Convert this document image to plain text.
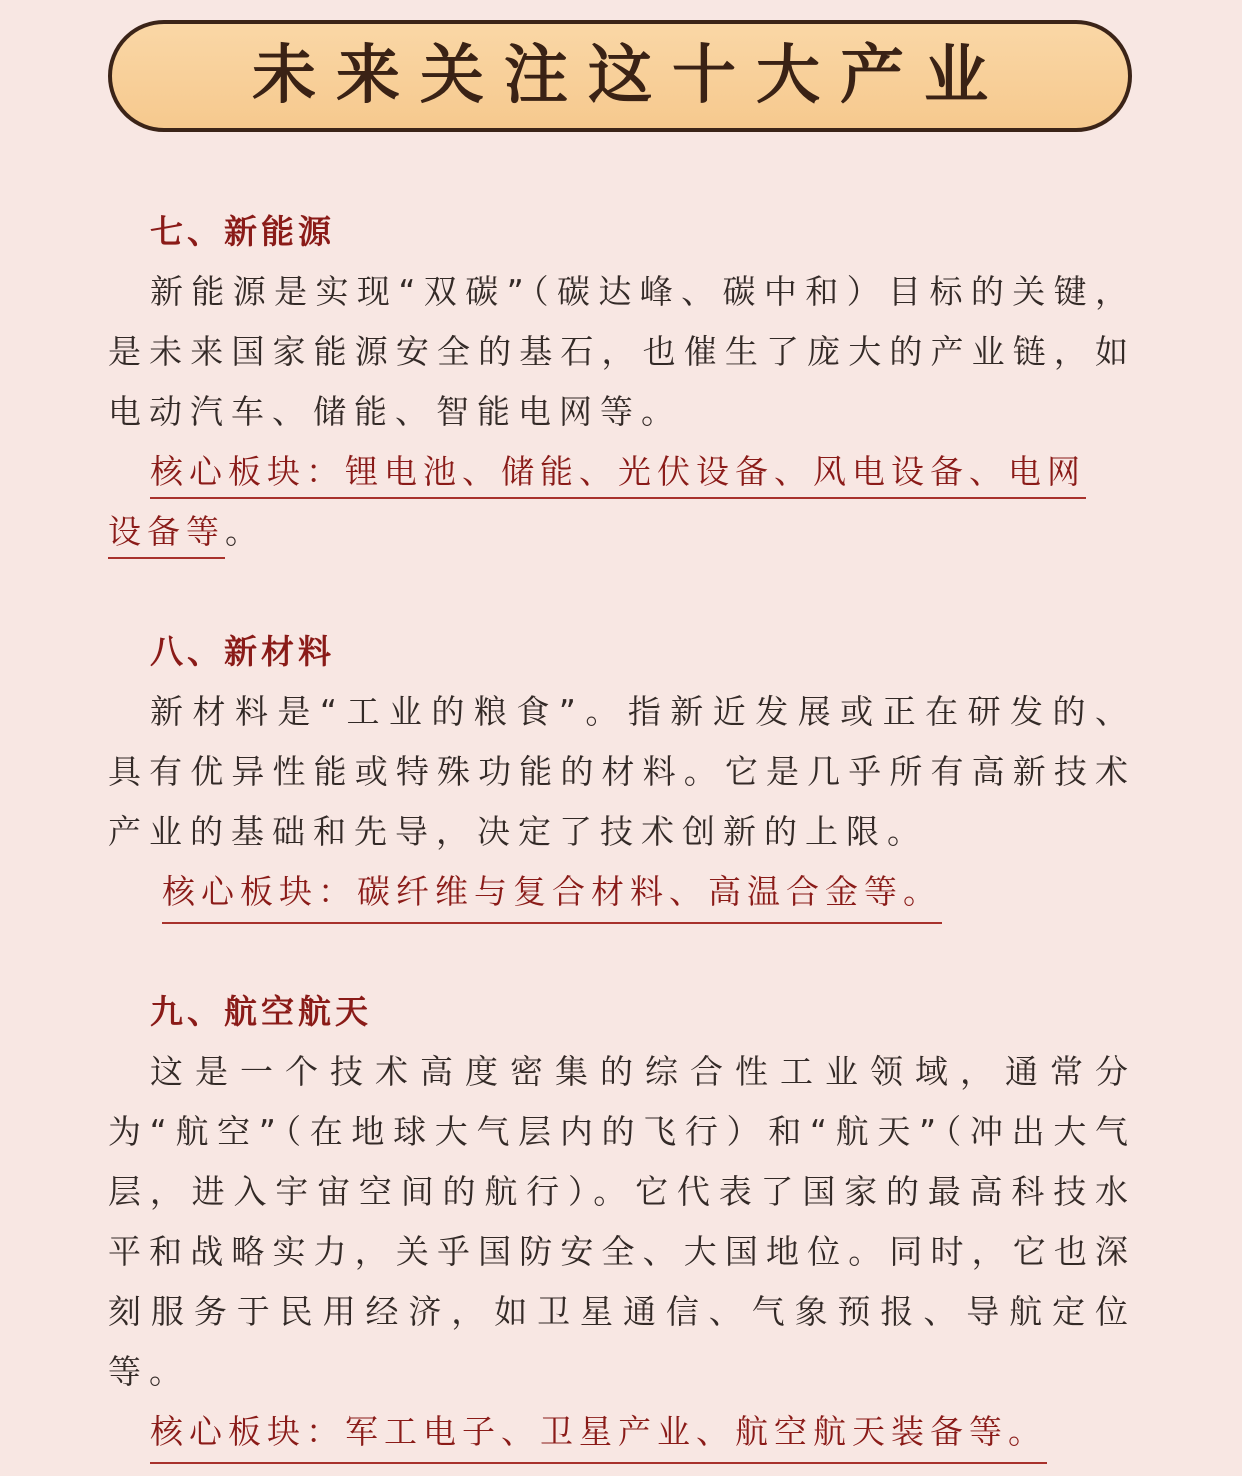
未来关注这十大产业
七、新能源

新能源是实现“双碳”（碳达峰、碳中和）目标的关键，是未来国家能源安全的基石，也催生了庞大的产业链，如电动汽车、储能、智能电网等。

核心板块：锂电池、储能、光伏设备、风电设备、电网

设备等。

八、新材料

新材料是“工业的粮食”。指新近发展或正在研发的、具有优异性能或特殊功能的材料。它是几乎所有高新技术产业的基础和先导，决定了技术创新的上限。

核心板块：碳纤维与复合材料、高温合金等。

九、航空航天

这是一个技术高度密集的综合性工业领域，通常分为“航空”（在地球大气层内的飞行）和“航天”（冲出大气层，进入宇宙空间的航行）。它代表了国家的最高科技水平和战略实力，关乎国防安全、大国地位。同时，它也深刻服务于民用经济，如卫星通信、气象预报、导航定位等。

核心板块：军工电子、卫星产业、航空航天装备等。
